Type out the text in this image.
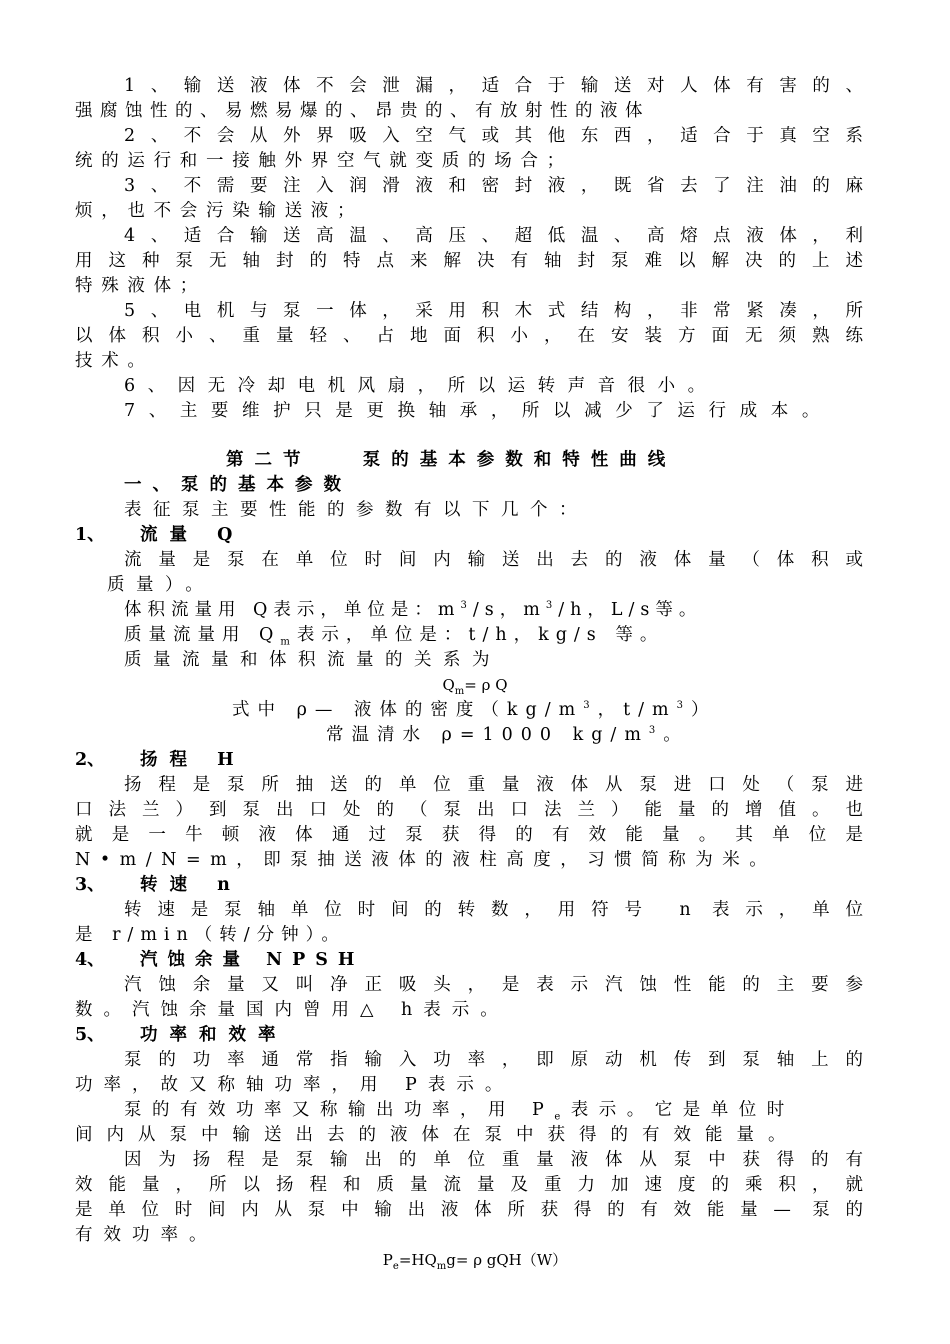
1、输送液体不会泄漏，适合于输送对人体有害的、
强腐蚀性的、易燃易爆的、昂贵的、有放射性的液体
2、不会从外界吸入空气或其他东西，适合于真空系
统的运行和一接触外界空气就变质的场合；
3、不需要注入润滑液和密封液，既省去了注油的麻
烦，也不会污染输送液；
4、适合输送高温、高压、超低温、高熔点液体，利
用这种泵无轴封的特点来解决有轴封泵难以解决的上述
特殊液体；
5、电机与泵一体，采用积木式结构，非常紧凑，所
以体积小、重量轻、占地面积小，在安装方面无须熟练
技术。
6、因无冷却电机风扇，所以运转声音很小。
7、主要维护只是更换轴承，所以减少了运行成本。
第二节   泵的基本参数和特性曲线
一、泵的基本参数
表征泵主要性能的参数有以下几个：
1、 流量 Q
流量是泵在单位时间内输送出去的液体量（体积或
质量）。
体积流量用 Q表示，单位是：$m^3/s$，$m^3/h$，L/s等。
质量流量用 $Q_m$表示，单位是：t/h，kg/s 等。
质量流量和体积流量的关系为
$Q_m= \rho$ Q
式中 ρ— 液体的密度（$kg/m^3$，$t/m^3$）
常温清水 ρ=1000 $kg/m^3$。
2、 扬程 H
扬程是泵所抽送的单位重量液体从泵进口处（泵进
口法兰）到泵出口处的（泵出口法兰）能量的增值。也
就是一牛顿液体通过泵获得的有效能量。其单位是
N•m/N=m，即泵抽送液体的液柱高度，习惯简称为米。
3、 转速 n
转速是泵轴单位时间的转数，用符号 n 表示，单位
是 r/min（转/分钟）。
4、 汽蚀余量 NPSH
汽蚀余量又叫净正吸头，是表示汽蚀性能的主要参
数。汽蚀余量国内曾用△ h表示。
5、 功率和效率
泵的功率通常指输入功率，即原动机传到泵轴上的
功率，故又称轴功率，用 P表示。
泵的有效功率又称输出功率，用 $P_e$表示。它是单位时
间内从泵中输送出去的液体在泵中获得的有效能量。
因为扬程是泵输出的单位重量液体从泵中获得的有
效能量，所以扬程和质量流量及重力加速度的乘积，就
是单位时间内从泵中输出液体所获得的有效能量— 泵的
有效功率。
$P_e=HQ_mg= \rho$ gQH（W）
